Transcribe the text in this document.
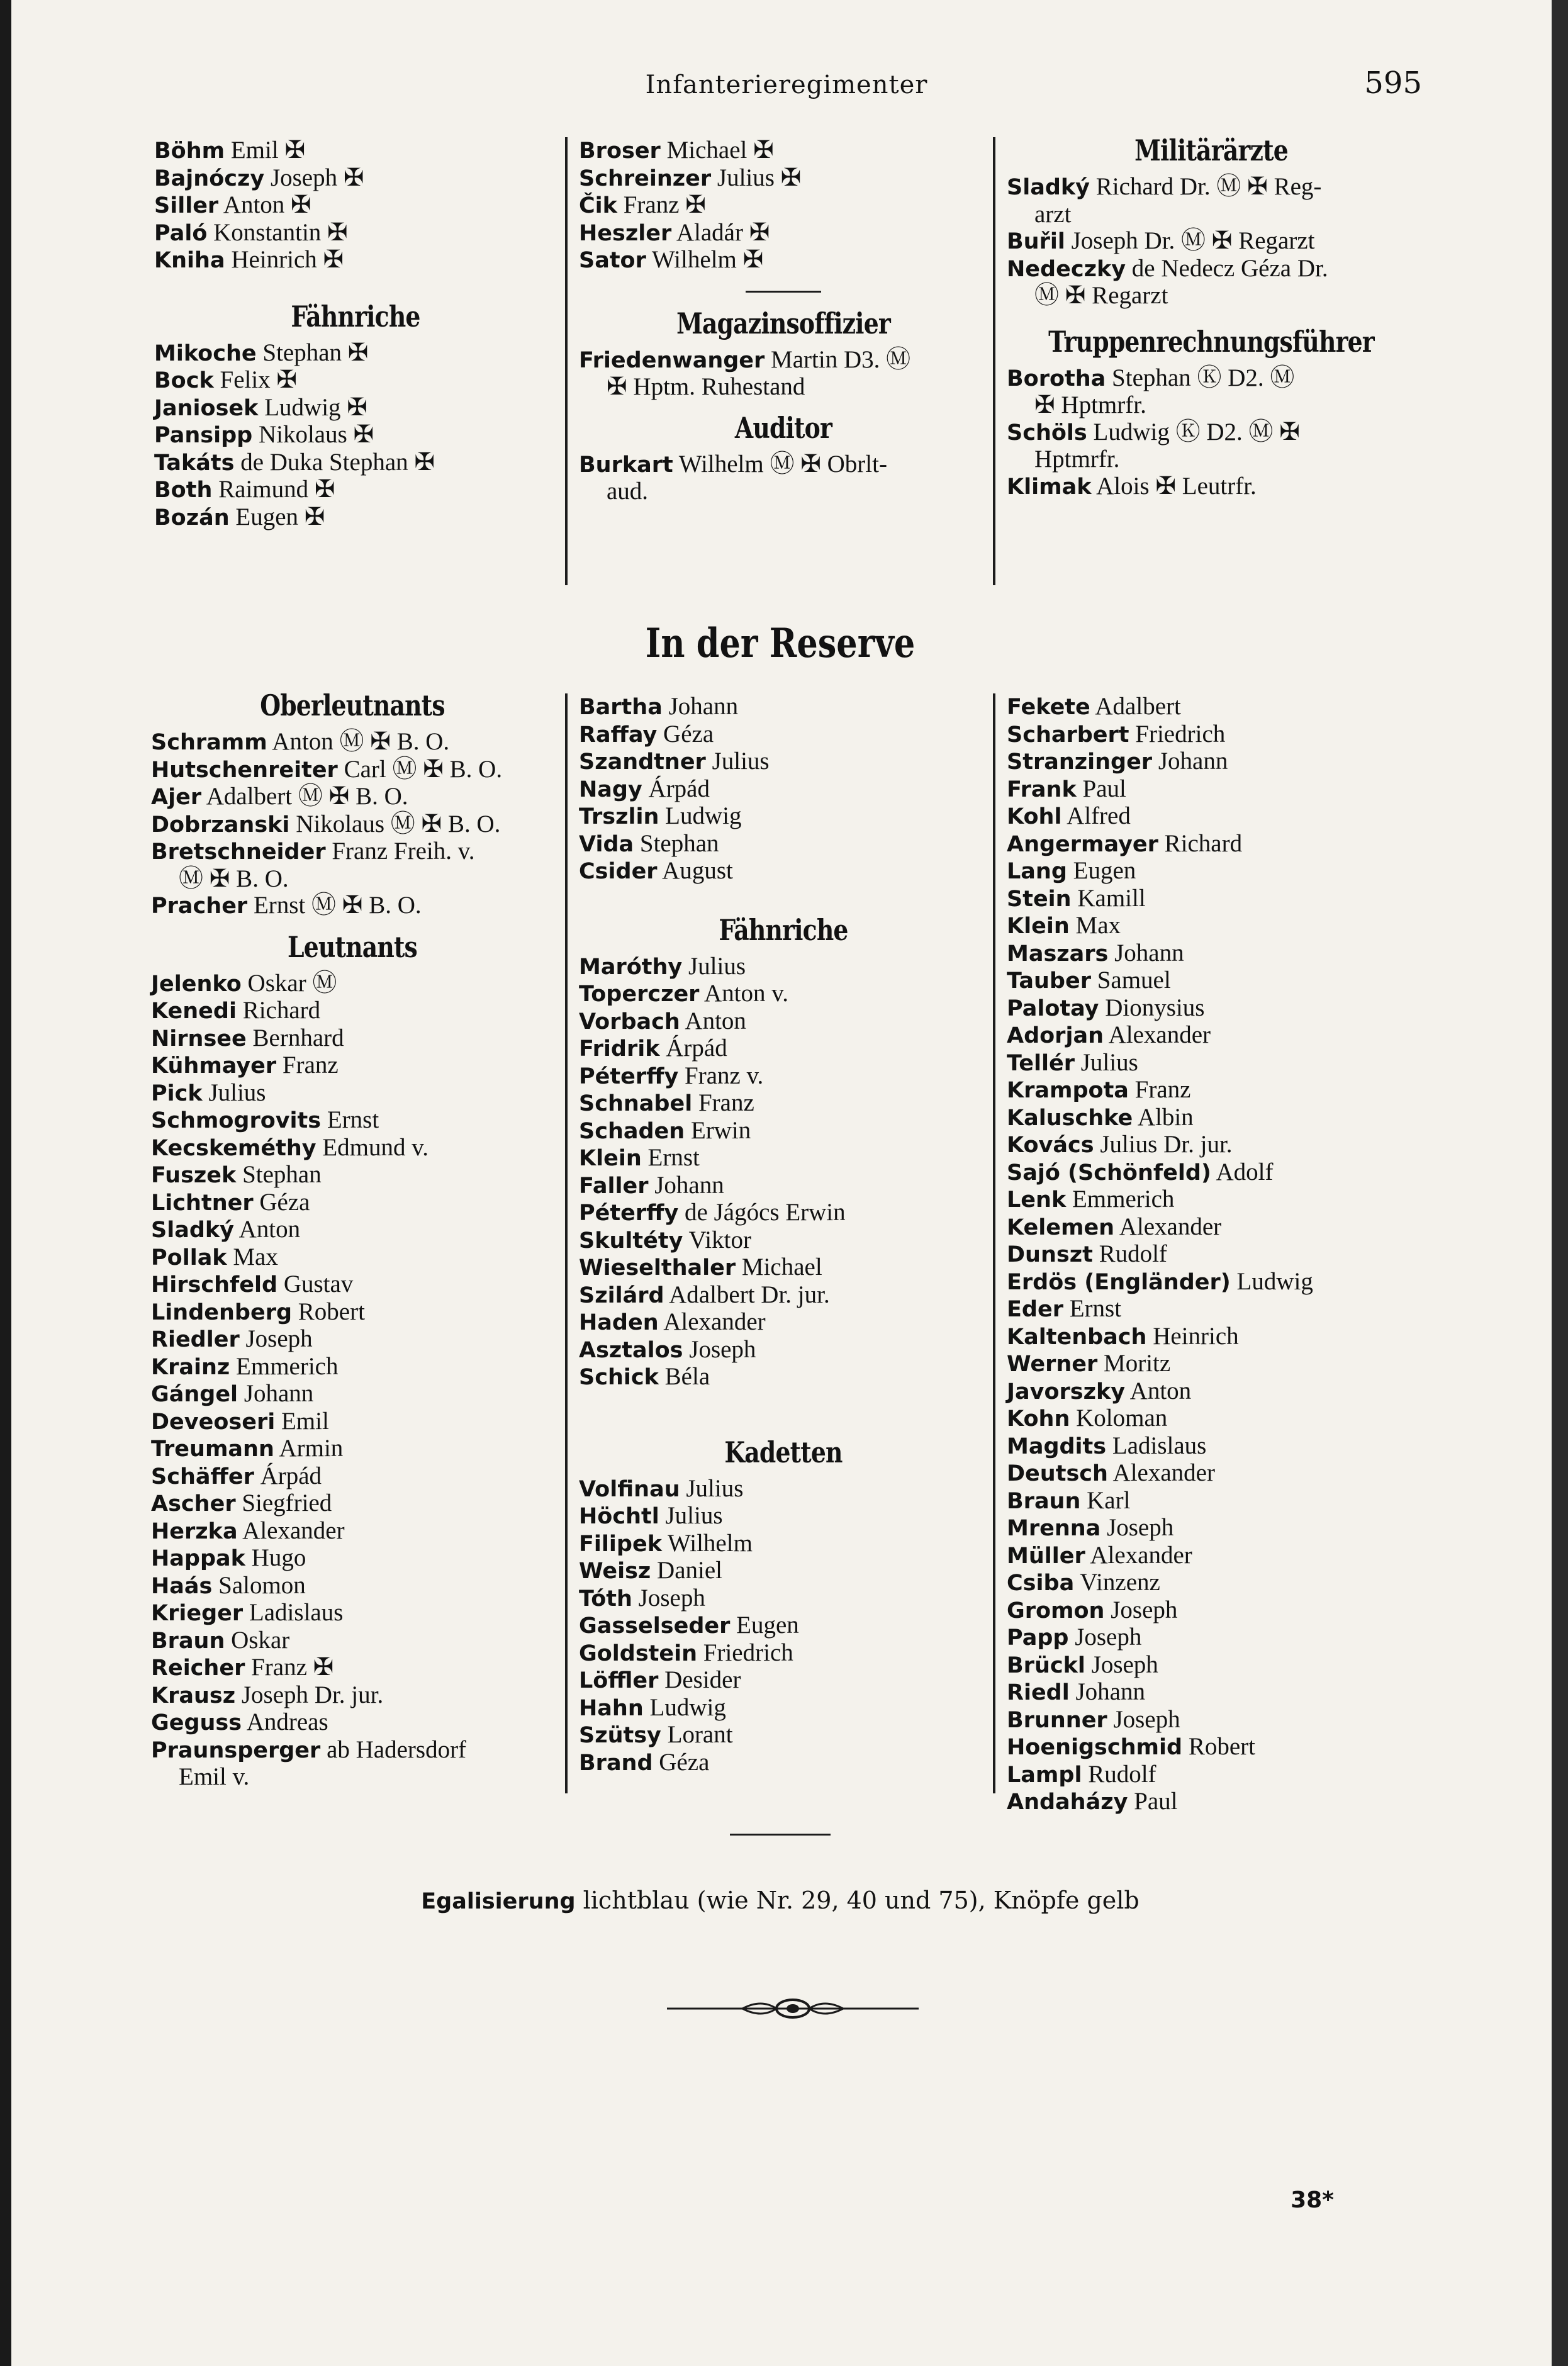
Infanterieregimenter	595
Böhm Emil ✠
Bajnóczy Joseph ✠
Siller Anton ✠
Paló Konstantin ✠
Kniha Heinrich ✠
Fähnriche
Mikoche Stephan ✠
Bock Felix ✠
Janiosek Ludwig ✠
Pansipp Nikolaus ✠
Takáts de Duka Stephan ✠
Both Raimund ✠
Bozán Eugen ✠
Broser Michael ✠
Schreinzer Julius ✠
Čik Franz ✠
Heszler Aladár ✠
Sator Wilhelm ✠
Magazinsoffizier
Friedenwanger Martin D3. Ⓜ
✠ Hptm. Ruhestand
Auditor
Burkart Wilhelm Ⓜ ✠ Obrlt-
aud.
Militärärzte
Sladký Richard Dr. Ⓜ ✠ Reg-
arzt
Buřil Joseph Dr. Ⓜ ✠ Regarzt
Nedeczky de Nedecz Géza Dr.
Ⓜ ✠ Regarzt
Truppenrechnungsführer
Borotha Stephan Ⓚ D2. Ⓜ
✠ Hptmrfr.
Schöls Ludwig Ⓚ D2. Ⓜ ✠
Hptmrfr.
Klimak Alois ✠ Leutrfr.
In der Reserve
Oberleutnants
Schramm Anton Ⓜ ✠ B. O.
Hutschenreiter Carl Ⓜ ✠ B. O.
Ajer Adalbert Ⓜ ✠ B. O.
Dobrzanski Nikolaus Ⓜ ✠ B. O.
Bretschneider Franz Freih. v.
Ⓜ ✠ B. O.
Pracher Ernst Ⓜ ✠ B. O.
Leutnants
Jelenko Oskar Ⓜ
Kenedi Richard
Nirnsee Bernhard
Kühmayer Franz
Pick Julius
Schmogrovits Ernst
Kecskeméthy Edmund v.
Fuszek Stephan
Lichtner Géza
Sladký Anton
Pollak Max
Hirschfeld Gustav
Lindenberg Robert
Riedler Joseph
Krainz Emmerich
Gángel Johann
Deveoseri Emil
Treumann Armin
Schäffer Árpád
Ascher Siegfried
Herzka Alexander
Happak Hugo
Haás Salomon
Krieger Ladislaus
Braun Oskar
Reicher Franz ✠
Krausz Joseph Dr. jur.
Geguss Andreas
Praunsperger ab Hadersdorf
Emil v.
Bartha Johann
Raffay Géza
Szandtner Julius
Nagy Árpád
Trszlin Ludwig
Vida Stephan
Csider August
Fähnriche
Maróthy Julius
Toperczer Anton v.
Vorbach Anton
Fridrik Árpád
Péterffy Franz v.
Schnabel Franz
Schaden Erwin
Klein Ernst
Faller Johann
Péterffy de Jágócs Erwin
Skultéty Viktor
Wieselthaler Michael
Szilárd Adalbert Dr. jur.
Haden Alexander
Asztalos Joseph
Schick Béla
Kadetten
Volfinau Julius
Höchtl Julius
Filipek Wilhelm
Weisz Daniel
Tóth Joseph
Gasselseder Eugen
Goldstein Friedrich
Löffler Desider
Hahn Ludwig
Szütsy Lorant
Brand Géza
Fekete Adalbert
Scharbert Friedrich
Stranzinger Johann
Frank Paul
Kohl Alfred
Angermayer Richard
Lang Eugen
Stein Kamill
Klein Max
Maszars Johann
Tauber Samuel
Palotay Dionysius
Adorjan Alexander
Tellér Julius
Krampota Franz
Kaluschke Albin
Kovács Julius Dr. jur.
Sajó (Schönfeld) Adolf
Lenk Emmerich
Kelemen Alexander
Dunszt Rudolf
Erdös (Engländer) Ludwig
Eder Ernst
Kaltenbach Heinrich
Werner Moritz
Javorszky Anton
Kohn Koloman
Magdits Ladislaus
Deutsch Alexander
Braun Karl
Mrenna Joseph
Müller Alexander
Csiba Vinzenz
Gromon Joseph
Papp Joseph
Brückl Joseph
Riedl Johann
Brunner Joseph
Hoenigschmid Robert
Lampl Rudolf
Andaházy Paul
Egalisierung lichtblau (wie Nr. 29, 40 und 75), Knöpfe gelb
38*
